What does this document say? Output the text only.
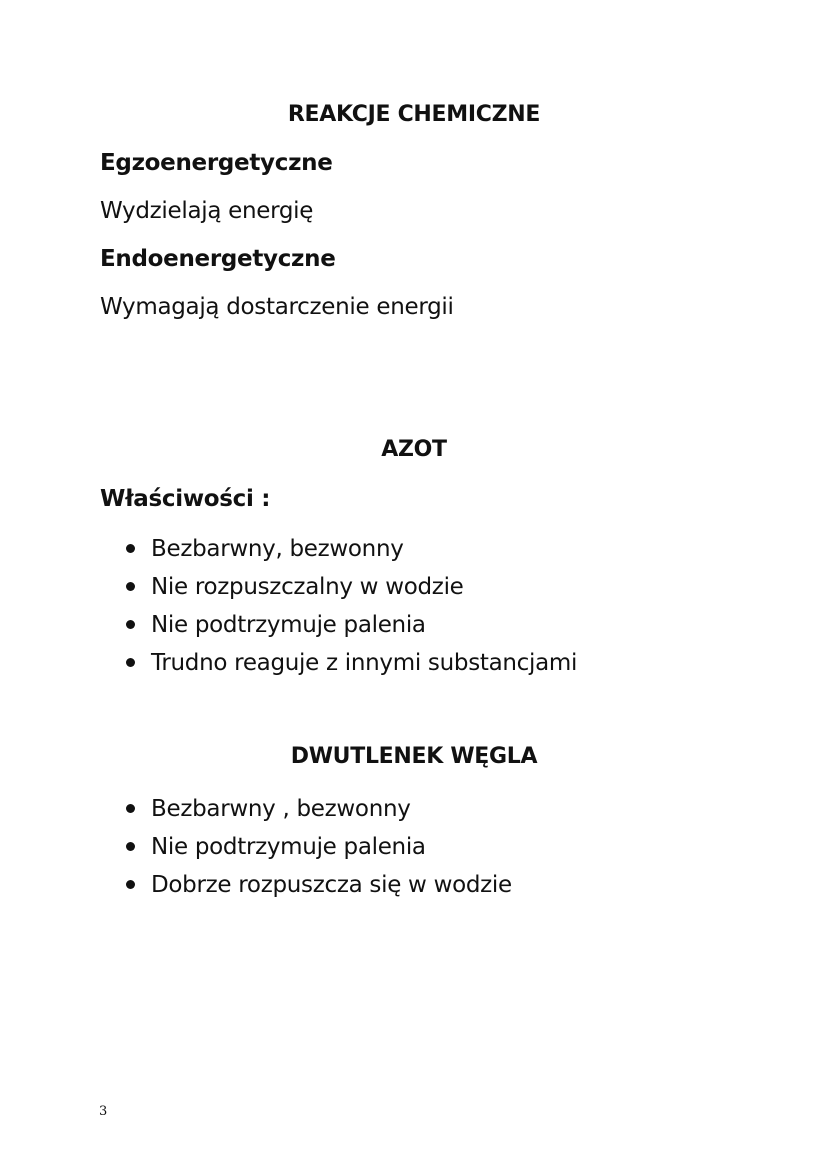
REAKCJE CHEMICZNE
Egzoenergetyczne
Wydzielają energię
Endoenergetyczne
Wymagają dostarczenie energii
AZOT
Właściwości :
Bezbarwny, bezwonny
Nie rozpuszczalny w wodzie
Nie podtrzymuje palenia
Trudno reaguje z innymi substancjami
DWUTLENEK WĘGLA
Bezbarwny , bezwonny
Nie podtrzymuje palenia
Dobrze rozpuszcza się w wodzie
3
